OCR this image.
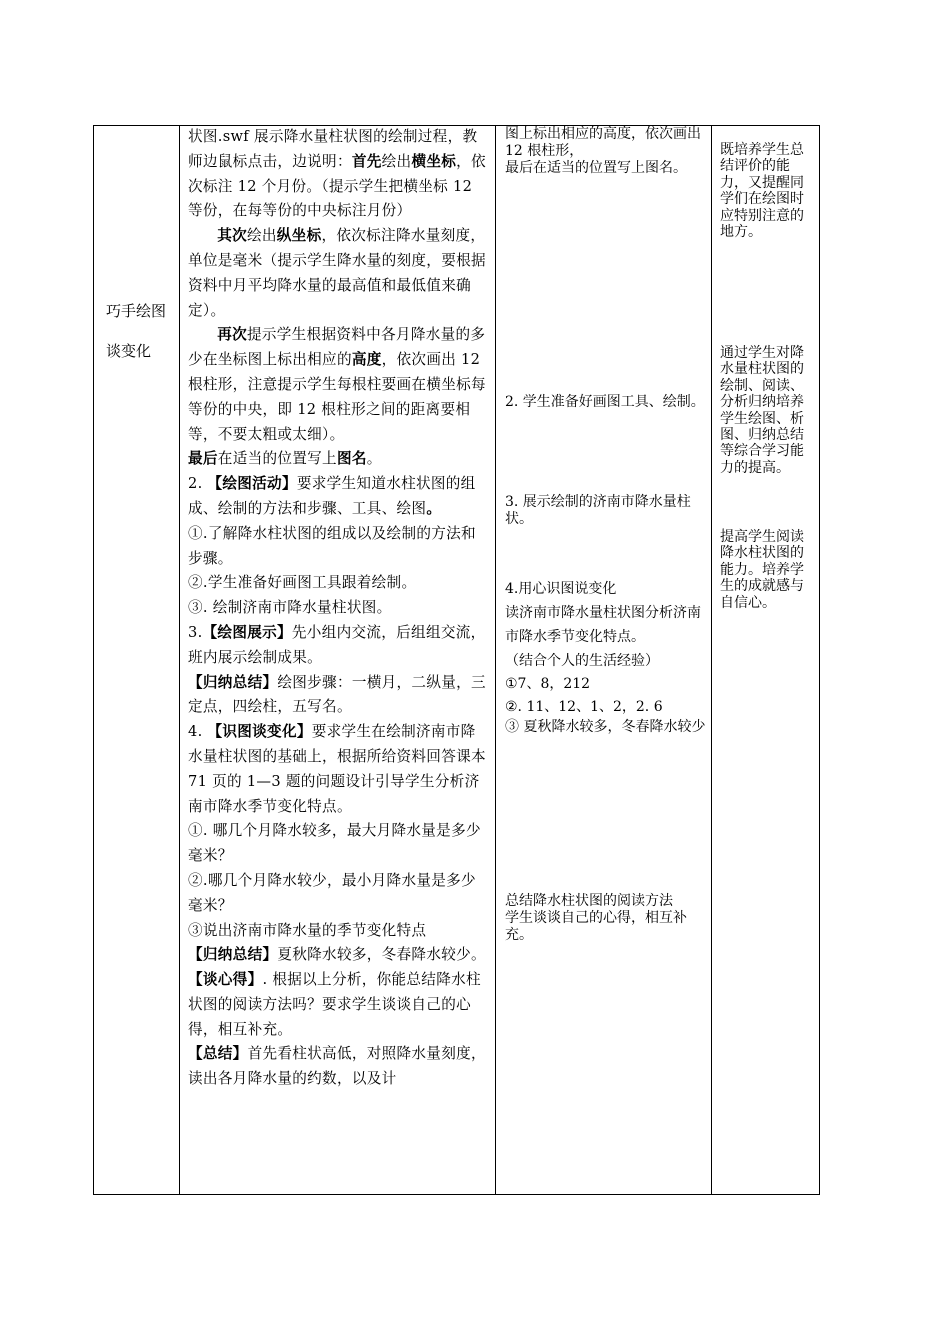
巧手绘图
谈变化

状图.swf 展示降水量柱状图的绘制过程，教师边鼠标点击，边说明：首先绘出横坐标，依次标注 12 个月份。（提示学生把横坐标 12 等份，在每等份的中央标注月份）

其次绘出纵坐标，依次标注降水量刻度，单位是毫米（提示学生降水量的刻度，要根据资料中月平均降水量的最高值和最低值来确定）。

再次提示学生根据资料中各月降水量的多少在坐标图上标出相应的高度，依次画出 12 根柱形，注意提示学生每根柱要画在横坐标每等份的中央，即 12 根柱形之间的距离要相等，不要太粗或太细）。

最后在适当的位置写上图名。

2. 【绘图活动】要求学生知道水柱状图的组成、绘制的方法和步骤、工具、绘图。

①.了解降水柱状图的组成以及绘制的方法和步骤。

②.学生准备好画图工具跟着绘制。

③. 绘制济南市降水量柱状图。

3.【绘图展示】先小组内交流，后组组交流，班内展示绘制成果。

【归纳总结】绘图步骤：一横月，二纵量，三定点，四绘柱，五写名。

4. 【识图谈变化】要求学生在绘制济南市降水量柱状图的基础上，根据所给资料回答课本 71 页的 1—3 题的问题设计引导学生分析济南市降水季节变化特点。

①. 哪几个月降水较多，最大月降水量是多少毫米？

②.哪几个月降水较少，最小月降水量是多少毫米？

③说出济南市降水量的季节变化特点

【归纳总结】夏秋降水较多，冬春降水较少。

【谈心得】. 根据以上分析，你能总结降水柱状图的阅读方法吗？要求学生谈谈自己的心得，相互补充。

【总结】首先看柱状高低，对照降水量刻度，读出各月降水量的约数，以及计

图上标出相应的高度，依次画出 12 根柱形，
最后在适当的位置写上图名。
2. 学生准备好画图工具、绘制。
3. 展示绘制的济南市降水量柱状。
4.用心识图说变化
读济南市降水量柱状图分析济南市降水季节变化特点。
（结合个人的生活经验）
①7、8，212
②. 11、12、1、2，2. 6
③ 夏秋降水较多，冬春降水较少
总结降水柱状图的阅读方法
学生谈谈自己的心得，相互补充。
既培养学生总结评价的能力，又提醒同学们在绘图时应特别注意的地方。
通过学生对降水量柱状图的绘制、阅读、分析归纳培养学生绘图、析图、归纳总结等综合学习能力的提高。
提高学生阅读降水柱状图的能力。培养学生的成就感与自信心。
